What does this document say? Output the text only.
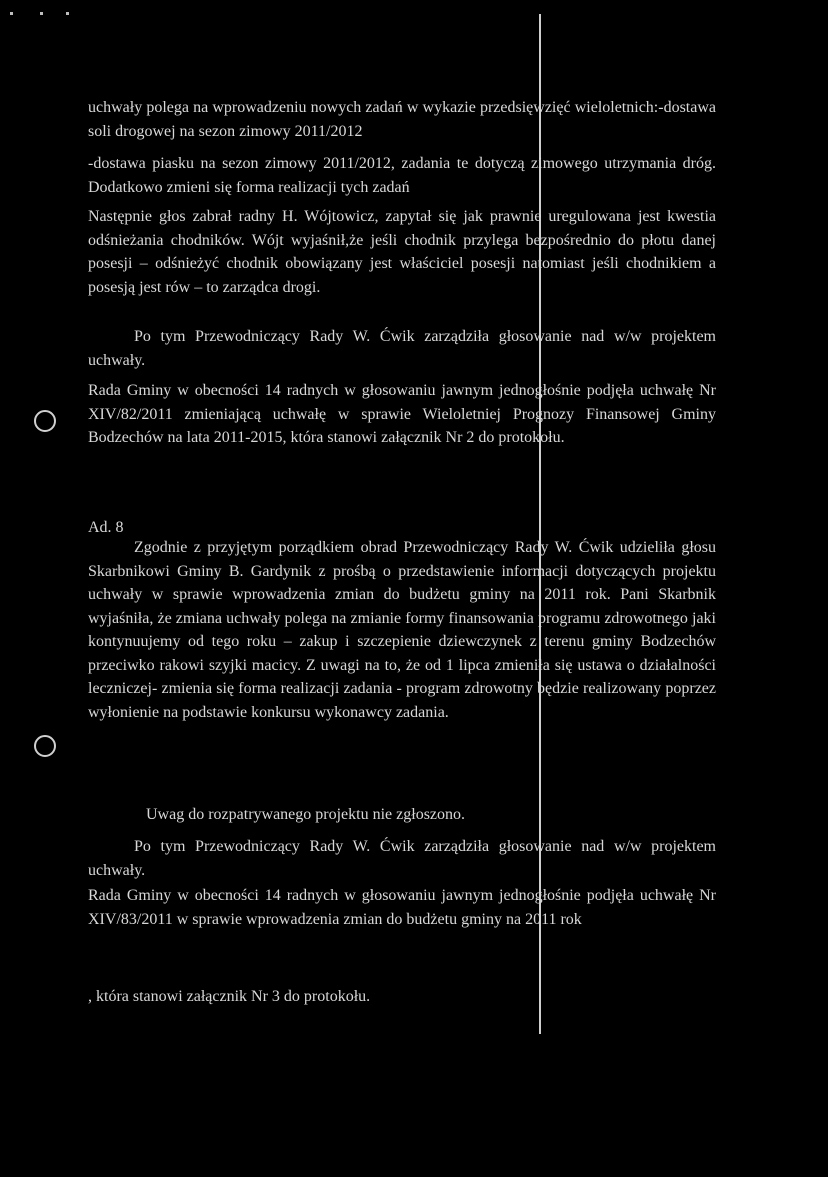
uchwały polega na wprowadzeniu nowych zadań w wykazie przedsięwzięć wieloletnich:-dostawa soli drogowej na sezon zimowy 2011/2012

-dostawa piasku na sezon zimowy 2011/2012, zadania te dotyczą zimowego utrzymania dróg. Dodatkowo zmieni się forma realizacji tych zadań

Następnie głos zabrał radny H. Wójtowicz, zapytał się jak prawnie uregulowana jest kwestia odśnieżania chodników. Wójt wyjaśnił,że jeśli chodnik przylega bezpośrednio do płotu danej posesji – odśnieżyć chodnik obowiązany jest właściciel posesji natomiast jeśli chodnikiem a posesją jest rów – to zarządca drogi.

Po tym Przewodniczący Rady W. Ćwik zarządziła głosowanie nad w/w projektem uchwały.

Rada Gminy w obecności 14 radnych w głosowaniu jawnym jednogłośnie podjęła uchwałę Nr XIV/82/2011 zmieniającą uchwałę w sprawie Wieloletniej Prognozy Finansowej Gminy Bodzechów na lata 2011-2015, która stanowi załącznik Nr 2 do protokołu.

Ad. 8

Zgodnie z przyjętym porządkiem obrad Przewodniczący Rady W. Ćwik udzieliła głosu Skarbnikowi Gminy B. Gardynik z prośbą o przedstawienie informacji dotyczących projektu uchwały w sprawie wprowadzenia zmian do budżetu gminy na 2011 rok. Pani Skarbnik wyjaśniła, że zmiana uchwały polega na zmianie formy finansowania programu zdrowotnego jaki kontynuujemy od tego roku – zakup i szczepienie dziewczynek z terenu gminy Bodzechów przeciwko rakowi szyjki macicy. Z uwagi na to, że od 1 lipca zmieniła się ustawa o działalności leczniczej- zmienia się forma realizacji zadania - program zdrowotny będzie realizowany poprzez wyłonienie na podstawie konkursu wykonawcy zadania.

Uwag do rozpatrywanego projektu nie zgłoszono.

Po tym Przewodniczący Rady W. Ćwik zarządziła głosowanie nad w/w projektem uchwały.

Rada Gminy w obecności 14 radnych w głosowaniu jawnym jednogłośnie podjęła uchwałę Nr XIV/83/2011 w sprawie wprowadzenia zmian do budżetu gminy na 2011 rok

, która stanowi załącznik Nr 3 do protokołu.
